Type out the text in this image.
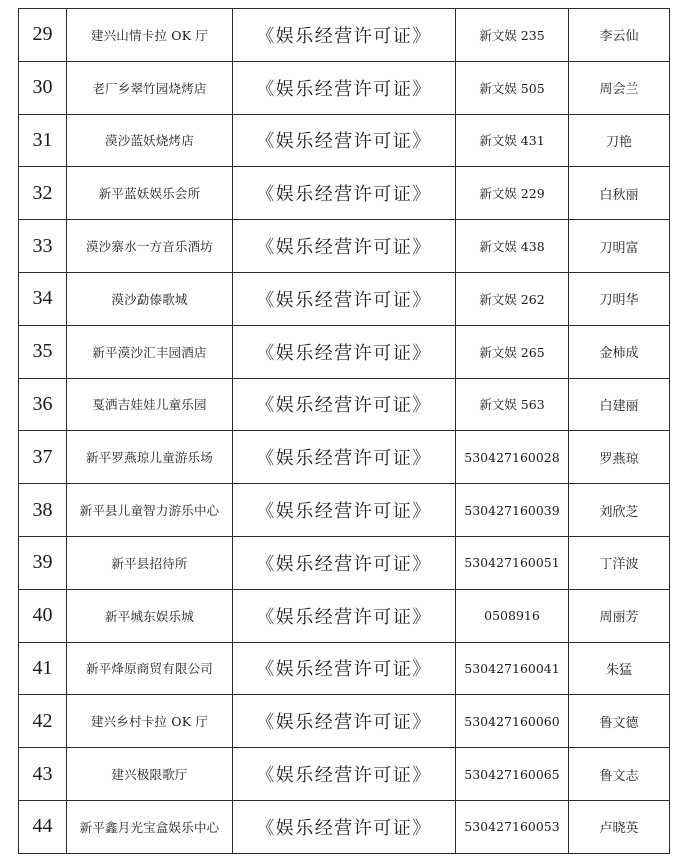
29	建兴山情卡拉 OK 厅	《娱乐经营许可证》	新文娱 235	李云仙
30	老厂乡翠竹园烧烤店	《娱乐经营许可证》	新文娱 505	周会兰
31	漠沙蓝妖烧烤店	《娱乐经营许可证》	新文娱 431	刀艳
32	新平蓝妖娱乐会所	《娱乐经营许可证》	新文娱 229	白秋丽
33	漠沙寨水一方音乐酒坊	《娱乐经营许可证》	新文娱 438	刀明富
34	漠沙勐傣歌城	《娱乐经营许可证》	新文娱 262	刀明华
35	新平漠沙汇丰园酒店	《娱乐经营许可证》	新文娱 265	金柿成
36	戛洒吉娃娃儿童乐园	《娱乐经营许可证》	新文娱 563	白建丽
37	新平罗燕琼儿童游乐场	《娱乐经营许可证》	530427160028	罗燕琼
38	新平县儿童智力游乐中心	《娱乐经营许可证》	530427160039	刘欣芝
39	新平县招待所	《娱乐经营许可证》	530427160051	丁洋波
40	新平城东娱乐城	《娱乐经营许可证》	0508916	周丽芳
41	新平烽原商贸有限公司	《娱乐经营许可证》	530427160041	朱猛
42	建兴乡村卡拉 OK 厅	《娱乐经营许可证》	530427160060	鲁文德
43	建兴极限歌厅	《娱乐经营许可证》	530427160065	鲁文志
44	新平鑫月光宝盒娱乐中心	《娱乐经营许可证》	530427160053	卢晓英
